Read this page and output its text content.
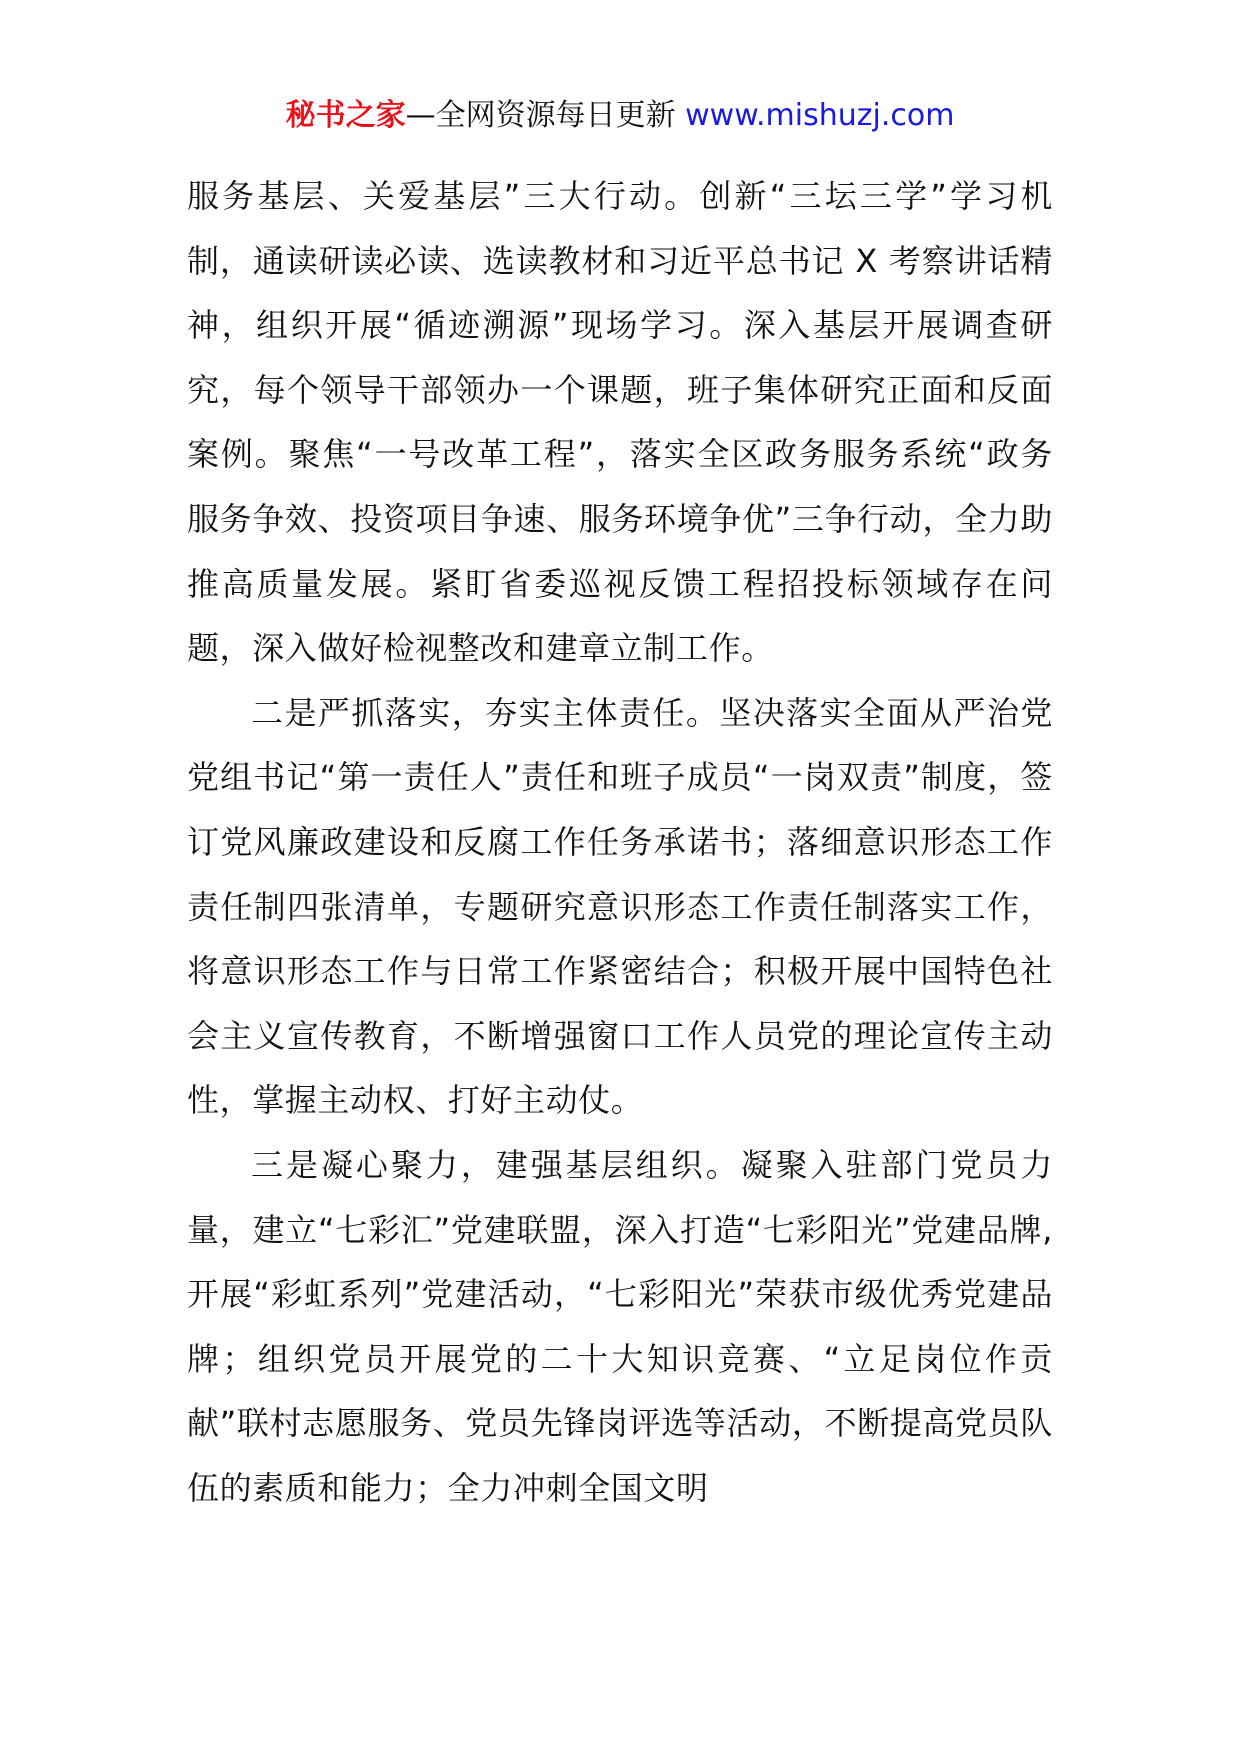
秘书之家—全网资源每日更新 www.mishuzj.com

服务基层、关爱基层”三大行动。创新“三坛三学”学习机制，通读研读必读、选读教材和习近平总书记 X 考察讲话精神，组织开展“循迹溯源”现场学习。深入基层开展调查研究，每个领导干部领办一个课题，班子集体研究正面和反面案例。聚焦“一号改革工程”，落实全区政务服务系统“政务服务争效、投资项目争速、服务环境争优”三争行动，全力助推高质量发展。紧盯省委巡视反馈工程招投标领域存在问题，深入做好检视整改和建章立制工作。

二是严抓落实，夯实主体责任。坚决落实全面从严治党党组书记“第一责任人”责任和班子成员“一岗双责”制度，签订党风廉政建设和反腐工作任务承诺书；落细意识形态工作责任制四张清单，专题研究意识形态工作责任制落实工作，将意识形态工作与日常工作紧密结合；积极开展中国特色社会主义宣传教育，不断增强窗口工作人员党的理论宣传主动性，掌握主动权、打好主动仗。

三是凝心聚力，建强基层组织。凝聚入驻部门党员力量，建立“七彩汇”党建联盟，深入打造“七彩阳光”党建品牌,开展“彩虹系列”党建活动，“七彩阳光”荣获市级优秀党建品牌；组织党员开展党的二十大知识竞赛、“立足岗位作贡献”联村志愿服务、党员先锋岗评选等活动，不断提高党员队伍的素质和能力；全力冲刺全国文明
